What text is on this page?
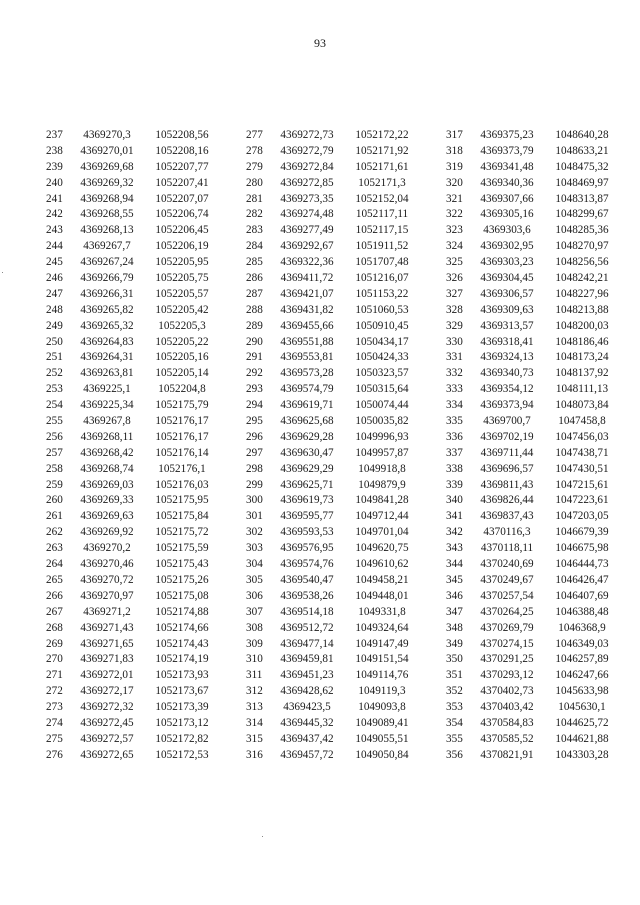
93
237	4369270,3	1052208,56
238	4369270,01	1052208,16
239	4369269,68	1052207,77
240	4369269,32	1052207,41
241	4369268,94	1052207,07
242	4369268,55	1052206,74
243	4369268,13	1052206,45
244	4369267,7	1052206,19
245	4369267,24	1052205,95
246	4369266,79	1052205,75
247	4369266,31	1052205,57
248	4369265,82	1052205,42
249	4369265,32	1052205,3
250	4369264,83	1052205,22
251	4369264,31	1052205,16
252	4369263,81	1052205,14
253	4369225,1	1052204,8
254	4369225,34	1052175,79
255	4369267,8	1052176,17
256	4369268,11	1052176,17
257	4369268,42	1052176,14
258	4369268,74	1052176,1
259	4369269,03	1052176,03
260	4369269,33	1052175,95
261	4369269,63	1052175,84
262	4369269,92	1052175,72
263	4369270,2	1052175,59
264	4369270,46	1052175,43
265	4369270,72	1052175,26
266	4369270,97	1052175,08
267	4369271,2	1052174,88
268	4369271,43	1052174,66
269	4369271,65	1052174,43
270	4369271,83	1052174,19
271	4369272,01	1052173,93
272	4369272,17	1052173,67
273	4369272,32	1052173,39
274	4369272,45	1052173,12
275	4369272,57	1052172,82
276	4369272,65	1052172,53
277	4369272,73	1052172,22
278	4369272,79	1052171,92
279	4369272,84	1052171,61
280	4369272,85	1052171,3
281	4369273,35	1052152,04
282	4369274,48	1052117,11
283	4369277,49	1052117,15
284	4369292,67	1051911,52
285	4369322,36	1051707,48
286	4369411,72	1051216,07
287	4369421,07	1051153,22
288	4369431,82	1051060,53
289	4369455,66	1050910,45
290	4369551,88	1050434,17
291	4369553,81	1050424,33
292	4369573,28	1050323,57
293	4369574,79	1050315,64
294	4369619,71	1050074,44
295	4369625,68	1050035,82
296	4369629,28	1049996,93
297	4369630,47	1049957,87
298	4369629,29	1049918,8
299	4369625,71	1049879,9
300	4369619,73	1049841,28
301	4369595,77	1049712,44
302	4369593,53	1049701,04
303	4369576,95	1049620,75
304	4369574,76	1049610,62
305	4369540,47	1049458,21
306	4369538,26	1049448,01
307	4369514,18	1049331,8
308	4369512,72	1049324,64
309	4369477,14	1049147,49
310	4369459,81	1049151,54
311	4369451,23	1049114,76
312	4369428,62	1049119,3
313	4369423,5	1049093,8
314	4369445,32	1049089,41
315	4369437,42	1049055,51
316	4369457,72	1049050,84
317	4369375,23	1048640,28
318	4369373,79	1048633,21
319	4369341,48	1048475,32
320	4369340,36	1048469,97
321	4369307,66	1048313,87
322	4369305,16	1048299,67
323	4369303,6	1048285,36
324	4369302,95	1048270,97
325	4369303,23	1048256,56
326	4369304,45	1048242,21
327	4369306,57	1048227,96
328	4369309,63	1048213,88
329	4369313,57	1048200,03
330	4369318,41	1048186,46
331	4369324,13	1048173,24
332	4369340,73	1048137,92
333	4369354,12	1048111,13
334	4369373,94	1048073,84
335	4369700,7	1047458,8
336	4369702,19	1047456,03
337	4369711,44	1047438,71
338	4369696,57	1047430,51
339	4369811,43	1047215,61
340	4369826,44	1047223,61
341	4369837,43	1047203,05
342	4370116,3	1046679,39
343	4370118,11	1046675,98
344	4370240,69	1046444,73
345	4370249,67	1046426,47
346	4370257,54	1046407,69
347	4370264,25	1046388,48
348	4370269,79	1046368,9
349	4370274,15	1046349,03
350	4370291,25	1046257,89
351	4370293,12	1046247,66
352	4370402,73	1045633,98
353	4370403,42	1045630,1
354	4370584,83	1044625,72
355	4370585,52	1044621,88
356	4370821,91	1043303,28
